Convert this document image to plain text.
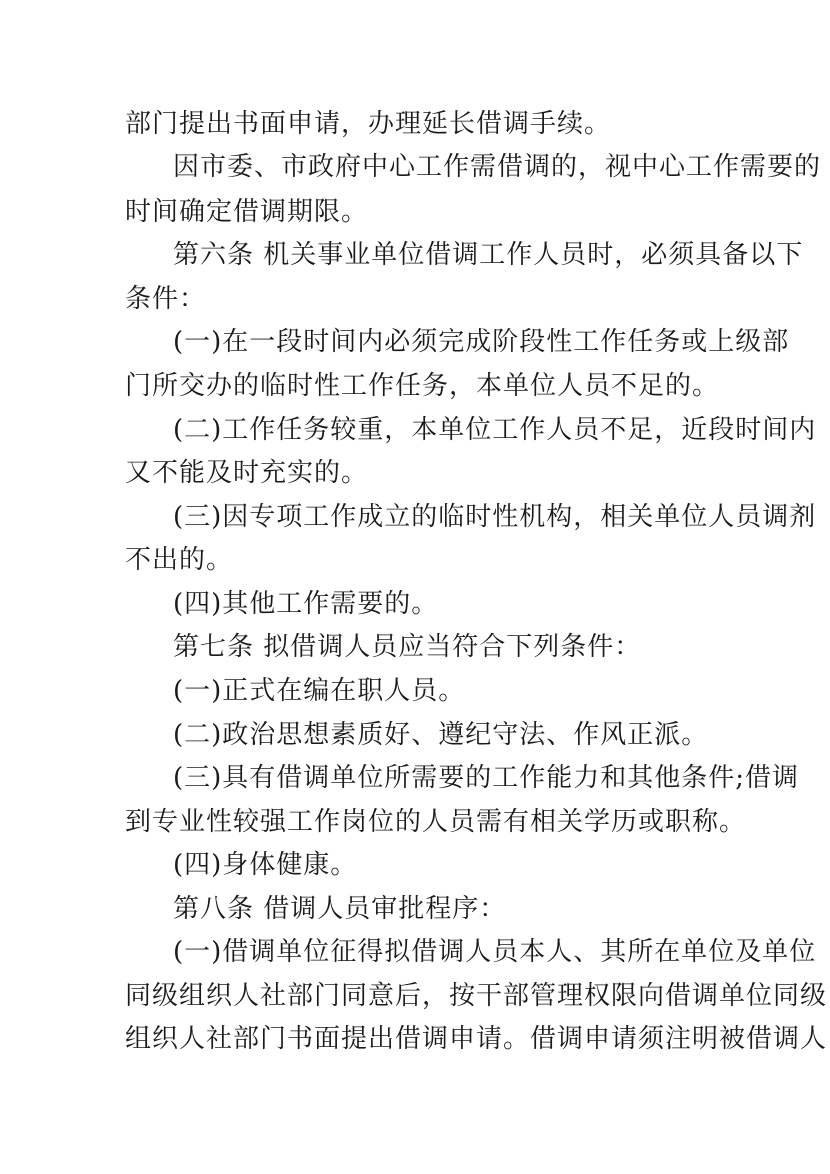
部门提出书面申请，办理延长借调手续。
因市委、市政府中心工作需借调的，视中心工作需要的
时间确定借调期限。
第六条 机关事业单位借调工作人员时，必须具备以下
条件：
(一)在一段时间内必须完成阶段性工作任务或上级部
门所交办的临时性工作任务，本单位人员不足的。
(二)工作任务较重，本单位工作人员不足，近段时间内
又不能及时充实的。
(三)因专项工作成立的临时性机构，相关单位人员调剂
不出的。
(四)其他工作需要的。
第七条 拟借调人员应当符合下列条件：
(一)正式在编在职人员。
(二)政治思想素质好、遵纪守法、作风正派。
(三)具有借调单位所需要的工作能力和其他条件;借调
到专业性较强工作岗位的人员需有相关学历或职称。
(四)身体健康。
第八条 借调人员审批程序：
(一)借调单位征得拟借调人员本人、其所在单位及单位
同级组织人社部门同意后，按干部管理权限向借调单位同级
组织人社部门书面提出借调申请。借调申请须注明被借调人
